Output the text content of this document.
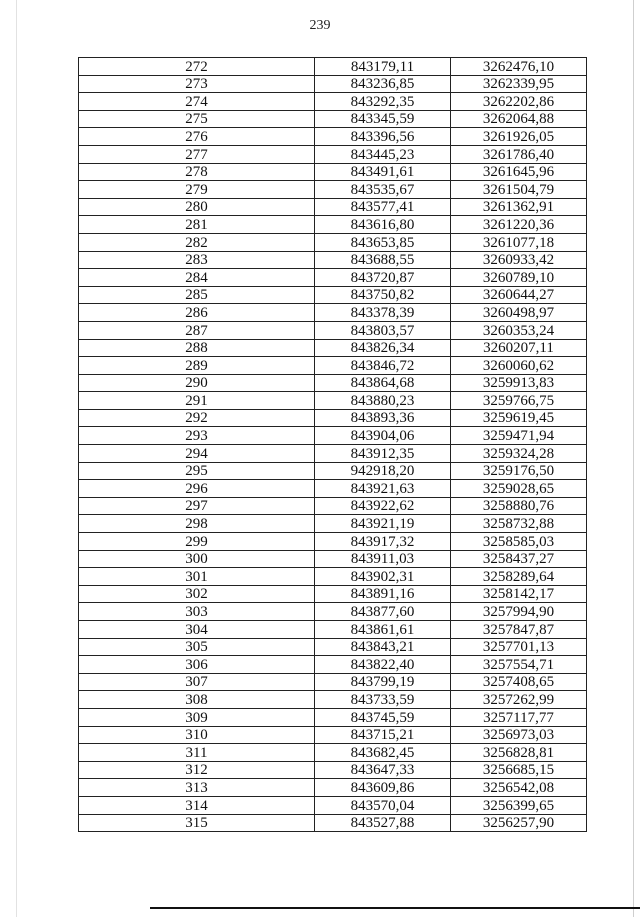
239
272	843179,11	3262476,10
273	843236,85	3262339,95
274	843292,35	3262202,86
275	843345,59	3262064,88
276	843396,56	3261926,05
277	843445,23	3261786,40
278	843491,61	3261645,96
279	843535,67	3261504,79
280	843577,41	3261362,91
281	843616,80	3261220,36
282	843653,85	3261077,18
283	843688,55	3260933,42
284	843720,87	3260789,10
285	843750,82	3260644,27
286	843378,39	3260498,97
287	843803,57	3260353,24
288	843826,34	3260207,11
289	843846,72	3260060,62
290	843864,68	3259913,83
291	843880,23	3259766,75
292	843893,36	3259619,45
293	843904,06	3259471,94
294	843912,35	3259324,28
295	942918,20	3259176,50
296	843921,63	3259028,65
297	843922,62	3258880,76
298	843921,19	3258732,88
299	843917,32	3258585,03
300	843911,03	3258437,27
301	843902,31	3258289,64
302	843891,16	3258142,17
303	843877,60	3257994,90
304	843861,61	3257847,87
305	843843,21	3257701,13
306	843822,40	3257554,71
307	843799,19	3257408,65
308	843733,59	3257262,99
309	843745,59	3257117,77
310	843715,21	3256973,03
311	843682,45	3256828,81
312	843647,33	3256685,15
313	843609,86	3256542,08
314	843570,04	3256399,65
315	843527,88	3256257,90
